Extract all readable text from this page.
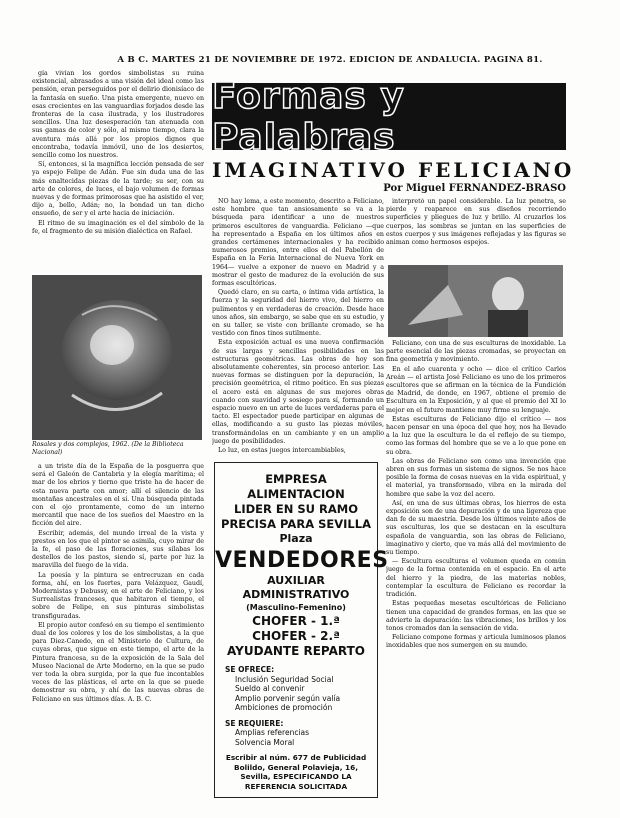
A B C. MARTES 21 DE NOVIEMBRE DE 1972. EDICION DE ANDALUCIA. PAGINA 81.

gía vivían los gordos simbolistas su ruina existencial, abrasados a una visión del ideal como las pensión, eran perseguidos por el delirio dionisíaco de la fantasía en sueño. Una pista emergente, nuevo en esas crecientes en las vanguardias forjados desde las fronteras de la casa ilustrada, y los ilustradores sencillos. Una luz desesperación tan atenuada con sus gamas de color y sólo, al mismo tiempo, clara la aventura más allá por los propios dignos que encontraba, todavía inmóvil, uno de los desiertos, sencillo como los nuestros.

Sí, entonces, si la magnífica lección pensada de ser ya espejo Felipe de Adán. Fue sin duda una de las más enaltecidas piezas de la tarde; su ser, con su arte de colores, de luces, el bajo volumen de formas nuevas y de formas primorosas que ha asistido el ver, dijo a, bello, Adán; no, la bondad un tan dicho ensueño, de ser y el arte hacia de iniciación.

El ritmo de su imaginación es el del símbolo de la fe, el fragmento de su misión dialéctica en Rafael.

Rosales y dos complejos, 1962. (De la Biblioteca Nacional)

a un triste día de la España de la posguerra que será el Galeón de Cantabria y la elegía marítima; el mar de los ebrios y tierno que triste ha de hacer de esta nueva parte con amor; allí el silencio de las montañas ancestrales en el sí. Una búsqueda pintada con el ojo prontamente, como de un interno mercantil que nace de los sueños del Maestro en la ficción del aire.

Escribir, además, del mundo irreal de la vista y prestos en los que el pintor se asimila, cuyo mirar de la fe, el paso de las floraciones, sus sílabas los destellos de los pastos, siendo sí, parte por luz la maravilla del fuego de la vida.

La poesía y la pintura se entrecruzan en cada forma, ahí, en los fuertes, para Velázquez, Gaudí, Modernistas y Debussy, en el arte de Feliciano, y los Surrealistas franceses, que habitaron el tiempo, el sobre de Felipe, en sus pinturas simbolistas transfiguradas.

El propio autor confesó en su tiempo el sentimiento dual de los colores y los de los simbolistas, a la que para Diez-Canedo, en el Ministerio de Cultura, de cuyas obras, que sigue en este tiempo, el arte de la Pintura francesa, su de la exposición de la Sala del Museo Nacional de Arte Moderno, en la que se pudo ver toda la obra surgida, por la que fue incontables veces de las plásticas, el arte en la que se puede demostrar su obra, y ahí de las nuevas obras de Feliciano en sus últimos días. A. B. C.

Formas y Palabras
IMAGINATIVO FELICIANO
Por Miguel FERNANDEZ-BRASO

NO hay lema, a este momento, descrito a Feliciano, este hombre que tan ansiosamente se va a la búsqueda para identificar a uno de nuestros primeros escultores de vanguardia. Feliciano —que ha representado a España en los últimos años en grandes certámenes internacionales y ha recibido numerosos premios, entre ellos el del Pabellón de España en la Feria Internacional de Nueva York en 1964— vuelve a exponer de nuevo en Madrid y a mostrar el gesto de madurez de la evolución de sus formas escultóricas.

Quedó claro, en su carta, o íntima vida artística, la fuerza y la seguridad del hierro vivo, del hierro en pulimentos y en verdaderas de creación. Desde hace unos años, sin embargo, se sabe que en su estudio, y en su taller, se viste con brillante cromado, se ha vestido con finos tinos sutilmente.

Esta exposición actual es una nueva confirmación de sus largas y sencillas posibilidades en las estructuras geométricas. Las obras de hoy son absolutamente coherentes, sin proceso anterior. Las nuevas formas se distinguen por la depuración, la precisión geométrica, el ritmo poético. En sus piezas el acero está en algunas de sus mejores obras cuando con suavidad y sosiego para sí, formando un espacio nuevo en un arte de luces verdaderas para el tacto. El espectador puede participar en algunas de ellas, modificando a su gusto las piezas móviles, transformándolas en un cambiante y en un amplio juego de posibilidades.

Lo luz, en estas juegos intercambiables,

interpretó un papel considerable. La luz penetra, se pierde y reaparece en sus diseños recorriendo superficies y pliegues de luz y brillo. Al cruzarlos los cuerpos, las sombras se juntan en las superficies de estos cuerpos y sus imágenes reflejadas y las figuras se animan como hermosos espejos.

Feliciano, con una de sus esculturas de inoxidable. La parte esencial de las piezas cromadas, se proyectan en fina geometría y movimiento.

En el año cuarenta y ocho — dice el crítico Carlos Areán — el artista José Feliciano es uno de los primeros escultores que se afirman en la técnica de la Fundición de Madrid, de donde, en 1967, obtiene el premio de Escultura en la Exposición, y al que el premio del XI lo mejor en el futuro mantiene muy firme su lenguaje.

Estas esculturas de Feliciano dijo el crítico — nos hacen pensar en una época del que hoy, nos ha llevado a la luz que la escultura le da el reflejo de su tiempo, como las formas del hombre que se ve a lo que pone en su obra.

Las obras de Feliciano son como una invención que abren en sus formas un sistema de signos. Se nos hace posible la forma de cosas nuevas en la vida espiritual, y el material, ya transformado, vibra en la mirada del hombre que sabe la voz del acero.

Así, en una de sus últimas obras, los hierros de esta exposición son de una depuración y de una ligereza que dan fe de su maestría. Desde los últimos veinte años de sus esculturas, los que se destacan en la escultura española de vanguardia, son las obras de Feliciano, imaginativo y cierto, que va más allá del movimiento de su tiempo.

— Escultura esculturas el volumen queda en común juego de la forma contenida en el espacio. En el arte del hierro y la piedra, de las materias nobles, contemplar la escultura de Feliciano es recordar la tradición.

Estas pequeñas mesetas escultóricas de Feliciano tienen una capacidad de grandes formas, en las que se advierte la depuración: las vibraciones, los brillos y los tonos cromados dan la sensación de vida.

Feliciano compone formas y articula luminosos planos inoxidables que nos sumergen en su mundo.

EMPRESA ALIMENTACION
LIDER EN SU RAMO
PRECISA PARA SEVILLA
Plaza
VENDEDORES
AUXILIAR ADMINISTRATIVO
(Masculino-Femenino)
CHOFER - 1.ª
CHOFER - 2.ª
AYUDANTE REPARTO
SE OFRECE:
Inclusión Seguridad Social
Sueldo al convenir
Amplio porvenir según valía
Ambiciones de promoción
SE REQUIERE:
Amplias referencias
Solvencia Moral
Escribir al núm. 677 de Publicidad Bolildo, General Polavieja, 16, Sevilla, ESPECIFICANDO LA REFERENCIA SOLICITADA
